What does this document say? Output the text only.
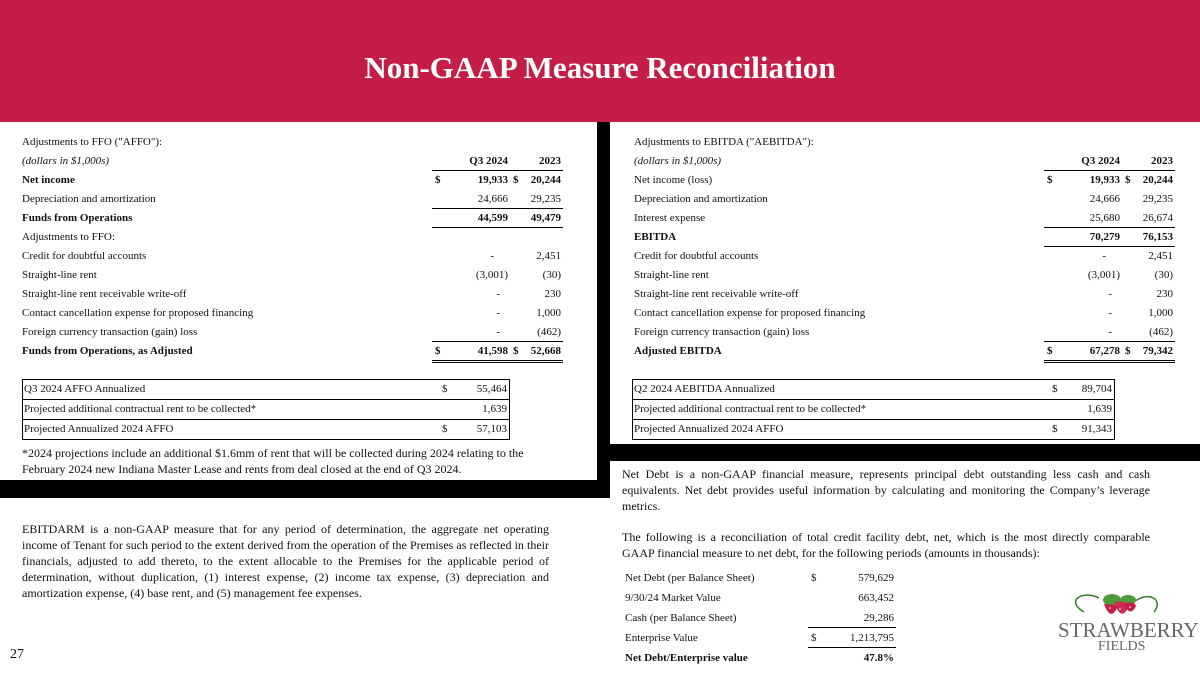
Non-GAAP Measure Reconciliation
Adjustments to FFO ("AFFO"):
(dollars in $1,000s)	Q3 2024	2023
Net income	$	19,933 $ 20,244
Depreciation and amortization	24,666 29,235
Funds from Operations	44,599 49,479
Adjustments to FFO:
Credit for doubtful accounts	-	2,451
Straight-line rent	(3,001)	(30)
Straight-line rent receivable write-off	-	230
Contact cancellation expense for proposed financing	-	1,000
Foreign currency transaction (gain) loss	-	(462)
Funds from Operations, as Adjusted	$	41,598 $ 52,668
Q3 2024 AFFO Annualized	$	55,464
Projected additional contractual rent to be collected*	1,639
Projected Annualized 2024 AFFO	$	57,103
*2024 projections include an additional $1.6mm of rent that will be collected during 2024 relating to the February 2024 new Indiana Master Lease and rents from deal closed at the end of Q3 2024.
Adjustments to EBITDA ("AEBITDA"):
(dollars in $1,000s)	Q3 2024	2023
Net income (loss)	$	19,933 $ 20,244
Depreciation and amortization	24,666 29,235
Interest expense	25,680 26,674
EBITDA	70,279 76,153
Credit for doubtful accounts	-	2,451
Straight-line rent	(3,001)	(30)
Straight-line rent receivable write-off	-	230
Contact cancellation expense for proposed financing	-	1,000
Foreign currency transaction (gain) loss	-	(462)
Adjusted EBITDA	$	67,278 $ 79,342
Q2 2024 AEBITDA Annualized	$ 89,704
Projected additional contractual rent to be collected*	1,639
Projected Annualized 2024 AFFO	$ 91,343
EBITDARM is a non-GAAP measure that for any period of determination, the aggregate net operating income of Tenant for such period to the extent derived from the operation of the Premises as reflected in their financials, adjusted to add thereto, to the extent allocable to the Premises for the applicable period of determination, without duplication, (1) interest expense, (2) income tax expense, (3) depreciation and amortization expense, (4) base rent, and (5) management fee expenses.
Net Debt is a non-GAAP financial measure, represents principal debt outstanding less cash and cash equivalents. Net debt provides useful information by calculating and monitoring the Company’s leverage metrics.
The following is a reconciliation of total credit facility debt, net, which is the most directly comparable GAAP financial measure to net debt, for the following periods (amounts in thousands):
Net Debt (per Balance Sheet)	$	579,629
9/30/24 Market Value	663,452
Cash (per Balance Sheet)	29,286
Enterprise Value	$	1,213,795
Net Debt/Enterprise value	47.8%
27
STRAWBERRY
FIELDS
